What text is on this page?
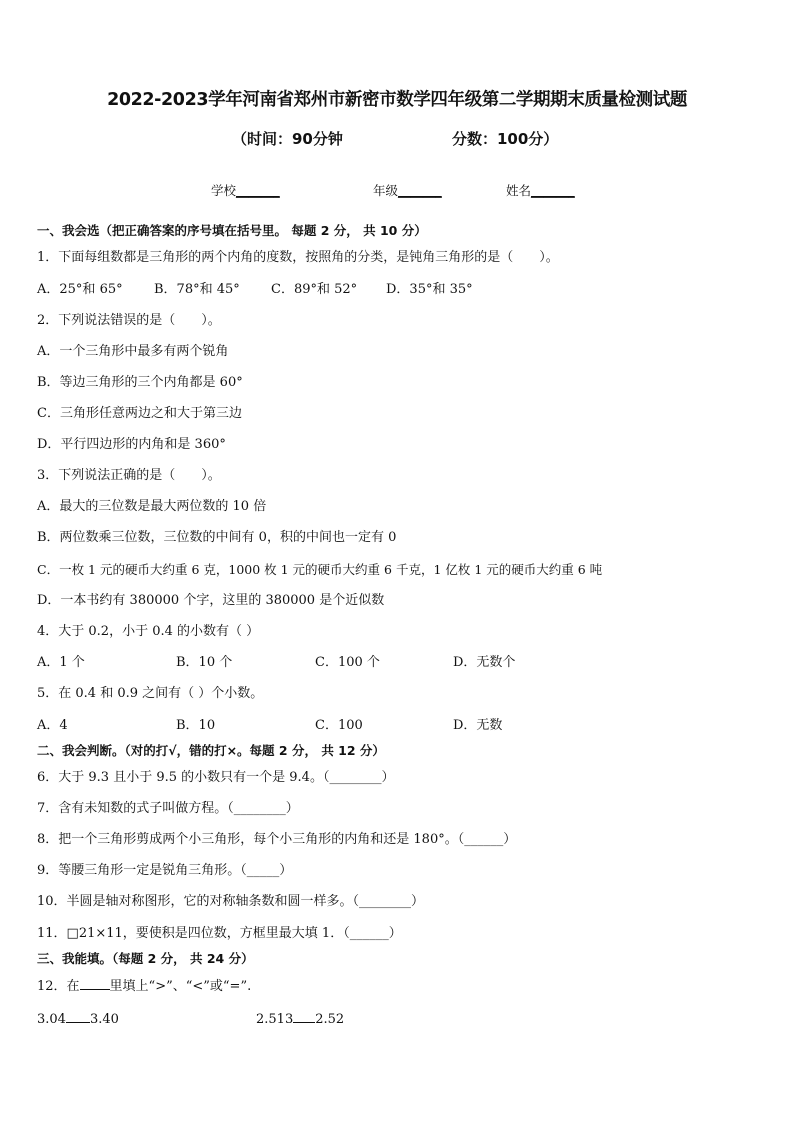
2022-2023学年河南省郑州市新密市数学四年级第二学期期末质量检测试题
（时间：90分钟	分数：100分）
学校_______	年级_______	姓名_______
一、我会选（把正确答案的序号填在括号里。 每题 2 分， 共 10 分）
1．下面每组数都是三角形的两个内角的度数，按照角的分类，是钝角三角形的是（　　）。
A．25°和 65° B．78°和 45° C．89°和 52° D．35°和 35°
2．下列说法错误的是（　　）。
A．一个三角形中最多有两个锐角
B．等边三角形的三个内角都是 60°
C．三角形任意两边之和大于第三边
D．平行四边形的内角和是 360°
3．下列说法正确的是（　　）。
A．最大的三位数是最大两位数的 10 倍
B．两位数乘三位数，三位数的中间有 0，积的中间也一定有 0
C．一枚 1 元的硬币大约重 6 克，1000 枚 1 元的硬币大约重 6 千克，1 亿枚 1 元的硬币大约重 6 吨
D．一本书约有 380000 个字，这里的 380000 是个近似数
4．大于 0.2，小于 0.4 的小数有（ ）
A．1 个	B．10 个	C．100 个	D．无数个
5．在 0.4 和 0.9 之间有（ ）个小数。
A．4	B．10	C．100	D．无数
二、我会判断。（对的打√，错的打×。每题 2 分， 共 12 分）
6．大于 9.3 且小于 9.5 的小数只有一个是 9.4。（________）
7．含有未知数的式子叫做方程。（________）
8．把一个三角形剪成两个小三角形，每个小三角形的内角和还是 180°。（______）
9．等腰三角形一定是锐角三角形。（_____）
10．半圆是轴对称图形，它的对称轴条数和圆一样多。（________）
11．□21×11，要使积是四位数，方框里最大填 1．（______）
三、我能填。（每题 2 分， 共 24 分）
12．在 里填上“>”、“<”或“=”.
3.04 3.40	2.513 2.52
